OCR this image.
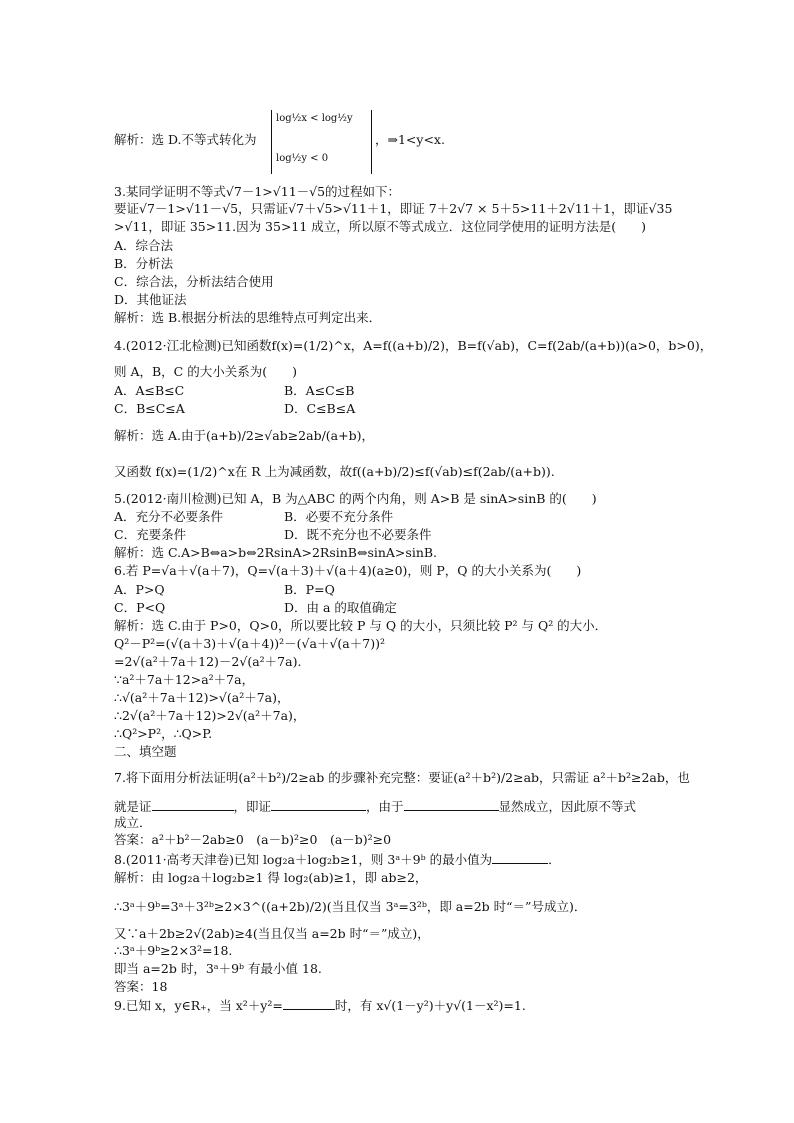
log½x < log½y
log½y < 0
解析：选 D.不等式转化为	，⇒1<y<x.
3.某同学证明不等式√7－1>√11－√5的过程如下：
要证√7－1>√11－√5，只需证√7＋√5>√11＋1，即证 7＋2√7 × 5＋5>11＋2√11＋1，即证√35
>√11，即证 35>11.因为 35>11 成立，所以原不等式成立．这位同学使用的证明方法是(　　)
A．综合法
B．分析法
C．综合法，分析法结合使用
D．其他证法
解析：选 B.根据分析法的思维特点可判定出来．
4.(2012·江北检测)已知函数f(x)=(1/2)^x，A=f((a+b)/2)，B=f(√ab)，C=f(2ab/(a+b))(a>0，b>0)，
则 A，B，C 的大小关系为(　　)
A．A≤B≤C	B．A≤C≤B
C．B≤C≤A	D．C≤B≤A
解析：选 A.由于(a+b)/2≥√ab≥2ab/(a+b)，
又函数 f(x)=(1/2)^x在 R 上为减函数，故f((a+b)/2)≤f(√ab)≤f(2ab/(a+b)).
5.(2012·南川检测)已知 A，B 为△ABC 的两个内角，则 A>B 是 sinA>sinB 的(　　)
A．充分不必要条件	B．必要不充分条件
C．充要条件	D．既不充分也不必要条件
解析：选 C.A>B⇔a>b⇔2RsinA>2RsinB⇔sinA>sinB.
6.若 P=√a＋√(a＋7)，Q=√(a＋3)＋√(a＋4)(a≥0)，则 P，Q 的大小关系为(　　)
A．P>Q	B．P=Q
C．P<Q	D．由 a 的取值确定
解析：选 C.由于 P>0，Q>0，所以要比较 P 与 Q 的大小，只须比较 P² 与 Q² 的大小．
Q²－P²=(√(a＋3)＋√(a＋4))²－(√a＋√(a＋7))²
=2√(a²＋7a＋12)－2√(a²＋7a).
∵a²＋7a＋12>a²＋7a，
∴√(a²＋7a＋12)>√(a²＋7a)，
∴2√(a²＋7a＋12)>2√(a²＋7a)，
∴Q²>P²，∴Q>P.
二、填空题
7.将下面用分析法证明(a²＋b²)/2≥ab 的步骤补充完整：要证(a²＋b²)/2≥ab，只需证 a²＋b²≥2ab，也
就是证	，即证	，由于	显然成立，因此原不等式
成立．
答案：a²＋b²－2ab≥0　(a－b)²≥0　(a－b)²≥0
8.(2011·高考天津卷)已知 log₂a＋log₂b≥1，则 3ᵃ＋9ᵇ 的最小值为	．
解析：由 log₂a＋log₂b≥1 得 log₂(ab)≥1，即 ab≥2，
∴3ᵃ＋9ᵇ=3ᵃ＋3²ᵇ≥2×3^((a+2b)/2)(当且仅当 3ᵃ=3²ᵇ，即 a=2b 时“＝”号成立)．
又∵a＋2b≥2√(2ab)≥4(当且仅当 a=2b 时“＝”成立)，
∴3ᵃ＋9ᵇ≥2×3²=18.
即当 a=2b 时，3ᵃ＋9ᵇ 有最小值 18.
答案：18
9.已知 x，y∈R₊，当 x²＋y²=	时，有 x√(1－y²)＋y√(1－x²)=1.
